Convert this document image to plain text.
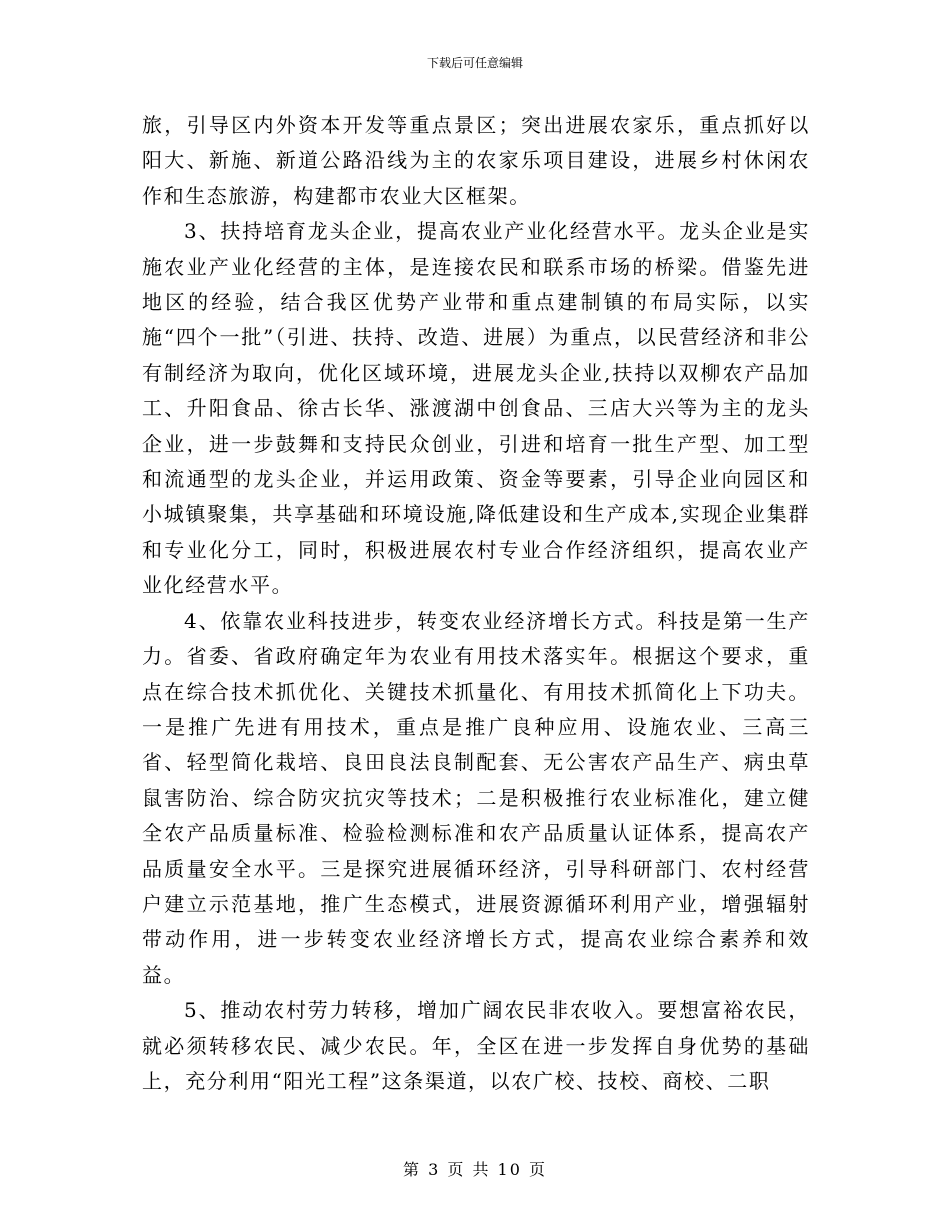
下载后可任意编辑

旅，引导区内外资本开发等重点景区；突出进展农家乐，重点抓好以阳大、新施、新道公路沿线为主的农家乐项目建设，进展乡村休闲农作和生态旅游，构建都市农业大区框架。

3、扶持培育龙头企业，提高农业产业化经营水平。龙头企业是实施农业产业化经营的主体，是连接农民和联系市场的桥梁。借鉴先进地区的经验，结合我区优势产业带和重点建制镇的布局实际，以实施“四个一批”（引进、扶持、改造、进展）为重点，以民营经济和非公有制经济为取向，优化区域环境，进展龙头企业,扶持以双柳农产品加工、升阳食品、徐古长华、涨渡湖中创食品、三店大兴等为主的龙头企业，进一步鼓舞和支持民众创业，引进和培育一批生产型、加工型和流通型的龙头企业，并运用政策、资金等要素，引导企业向园区和小城镇聚集，共享基础和环境设施,降低建设和生产成本,实现企业集群和专业化分工，同时，积极进展农村专业合作经济组织，提高农业产业化经营水平。

4、依靠农业科技进步，转变农业经济增长方式。科技是第一生产力。省委、省政府确定年为农业有用技术落实年。根据这个要求，重点在综合技术抓优化、关键技术抓量化、有用技术抓简化上下功夫。一是推广先进有用技术，重点是推广良种应用、设施农业、三高三省、轻型简化栽培、良田良法良制配套、无公害农产品生产、病虫草鼠害防治、综合防灾抗灾等技术；二是积极推行农业标准化，建立健全农产品质量标准、检验检测标准和农产品质量认证体系，提高农产品质量安全水平。三是探究进展循环经济，引导科研部门、农村经营户建立示范基地，推广生态模式，进展资源循环利用产业，增强辐射带动作用，进一步转变农业经济增长方式，提高农业综合素养和效益。

5、推动农村劳力转移，增加广阔农民非农收入。要想富裕农民，就必须转移农民、减少农民。年，全区在进一步发挥自身优势的基础上，充分利用“阳光工程”这条渠道，以农广校、技校、商校、二职

第 3 页 共 10 页
